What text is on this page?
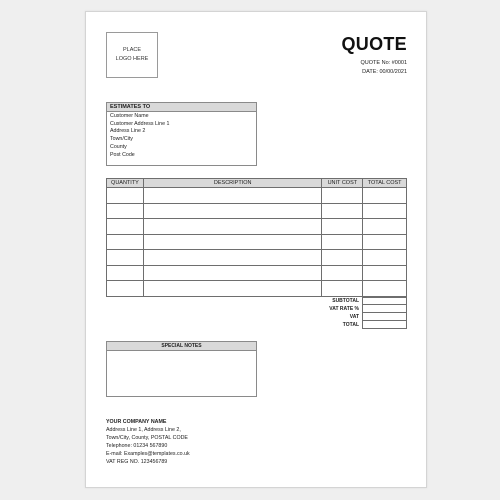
PLACE
LOGO HERE
QUOTE
QUOTE No: #0001
DATE: 00/00/2021
ESTIMATES TO
Customer Name
Customer Address Line 1
Address Line 2
Town/City
County
Post Code
QUANTITY	DESCRIPTION	UNIT COST	TOTAL COST

SUBTOTAL
VAT RATE %
VAT
TOTAL
SPECIAL NOTES
YOUR COMPANY NAME
Address Line 1, Address Line 2,
Town/City, County, POSTAL CODE
Telephone: 01234 567890
E-mail: Examples@templates.co.uk
VAT REG NO. 123456789
